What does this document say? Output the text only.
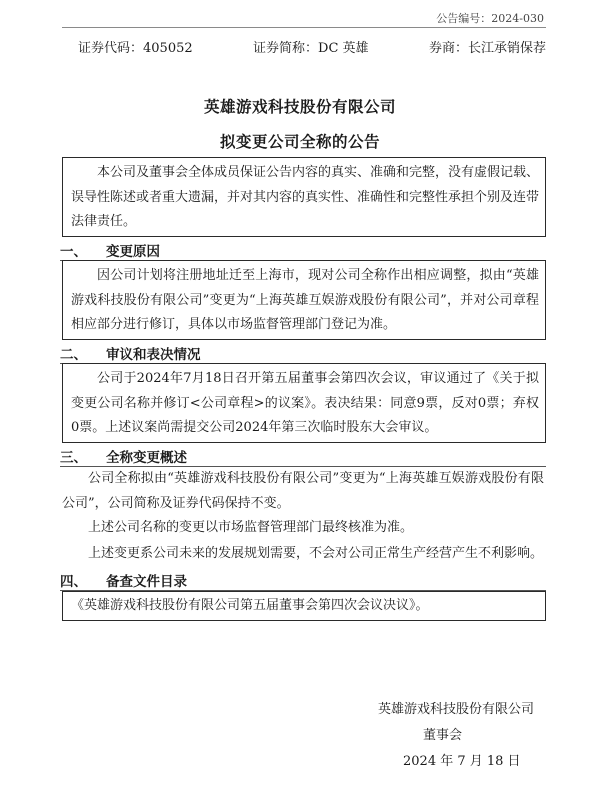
公告编号：2024-030
证券代码：405052	证券简称：DC 英雄	券商：长江承销保荐
英雄游戏科技股份有限公司
拟变更公司全称的公告
本公司及董事会全体成员保证公告内容的真实、准确和完整，没有虚假记载、误导性陈述或者重大遗漏，并对其内容的真实性、准确性和完整性承担个别及连带法律责任。
一、 变更原因
因公司计划将注册地址迁至上海市，现对公司全称作出相应调整，拟由“英雄游戏科技股份有限公司”变更为“上海英雄互娱游戏股份有限公司”，并对公司章程相应部分进行修订，具体以市场监督管理部门登记为准。
二、 审议和表决情况
公司于2024年7月18日召开第五届董事会第四次会议，审议通过了《关于拟变更公司名称并修订<公司章程>的议案》。表决结果：同意9票，反对0票；弃权0票。上述议案尚需提交公司2024年第三次临时股东大会审议。
三、 全称变更概述
公司全称拟由“英雄游戏科技股份有限公司”变更为“上海英雄互娱游戏股份有限公司”，公司简称及证券代码保持不变。
上述公司名称的变更以市场监督管理部门最终核准为准。
上述变更系公司未来的发展规划需要，不会对公司正常生产经营产生不利影响。
四、 备查文件目录
《英雄游戏科技股份有限公司第五届董事会第四次会议决议》。
英雄游戏科技股份有限公司
董事会
2024 年 7 月 18 日
